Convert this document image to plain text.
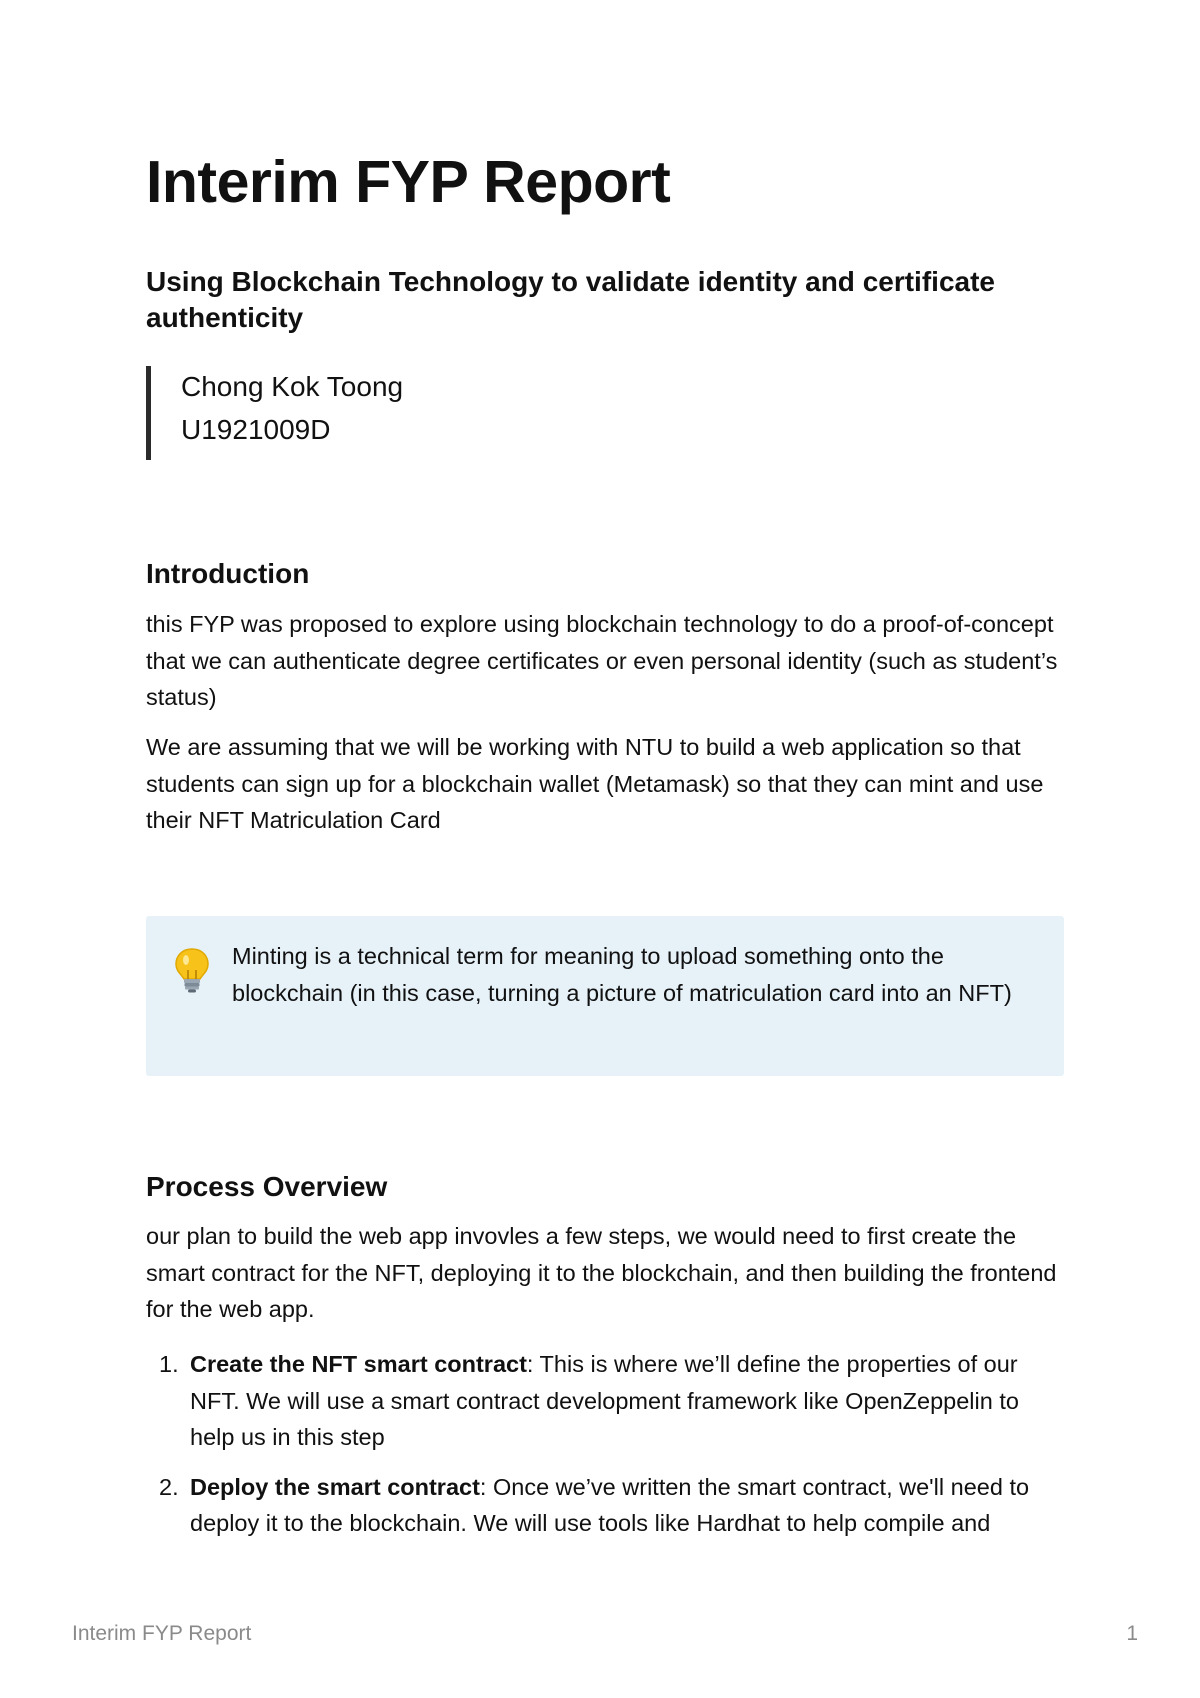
Interim FYP Report
Using Blockchain Technology to validate identity and certificate authenticity
Chong Kok Toong
U1921009D
Introduction

this FYP was proposed to explore using blockchain technology to do a proof-of-concept that we can authenticate degree certificates or even personal identity (such as student’s status)

We are assuming that we will be working with NTU to build a web application so that students can sign up for a blockchain wallet (Metamask) so that they can mint and use their NFT Matriculation Card

Minting is a technical term for meaning to upload something onto the blockchain (in this case, turning a picture of matriculation card into an NFT)

Process Overview

our plan to build the web app invovles a few steps, we would need to first create the smart contract for the NFT, deploying it to the blockchain, and then building the frontend for the web app.

1. Create the NFT smart contract: This is where we’ll define the properties of our NFT. We will use a smart contract development framework like OpenZeppelin to help us in this step
2. Deploy the smart contract: Once we’ve written the smart contract, we'll need to deploy it to the blockchain. We will use tools like Hardhat to help compile and
Interim FYP Report	1
